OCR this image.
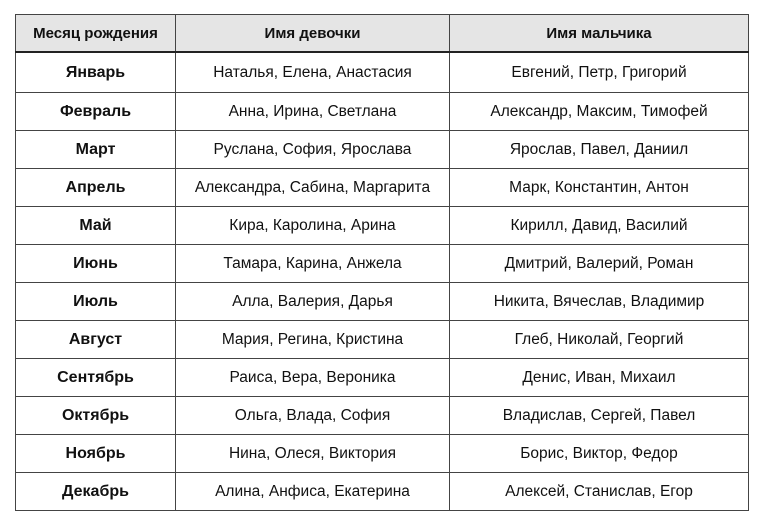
Месяц рождения	Имя девочки	Имя мальчика
Январь	Наталья, Елена, Анастасия	Евгений, Петр, Григорий
Февраль	Анна, Ирина, Светлана	Александр, Максим, Тимофей
Март	Руслана, София, Ярослава	Ярослав, Павел, Даниил
Апрель	Александра, Сабина, Маргарита	Марк, Константин, Антон
Май	Кира, Каролина, Арина	Кирилл, Давид, Василий
Июнь	Тамара, Карина, Анжела	Дмитрий, Валерий, Роман
Июль	Алла, Валерия, Дарья	Никита, Вячеслав, Владимир
Август	Мария, Регина, Кристина	Глеб, Николай, Георгий
Сентябрь	Раиса, Вера, Вероника	Денис, Иван, Михаил
Октябрь	Ольга, Влада, София	Владислав, Сергей, Павел
Ноябрь	Нина, Олеся, Виктория	Борис, Виктор, Федор
Декабрь	Алина, Анфиса, Екатерина	Алексей, Станислав, Егор
